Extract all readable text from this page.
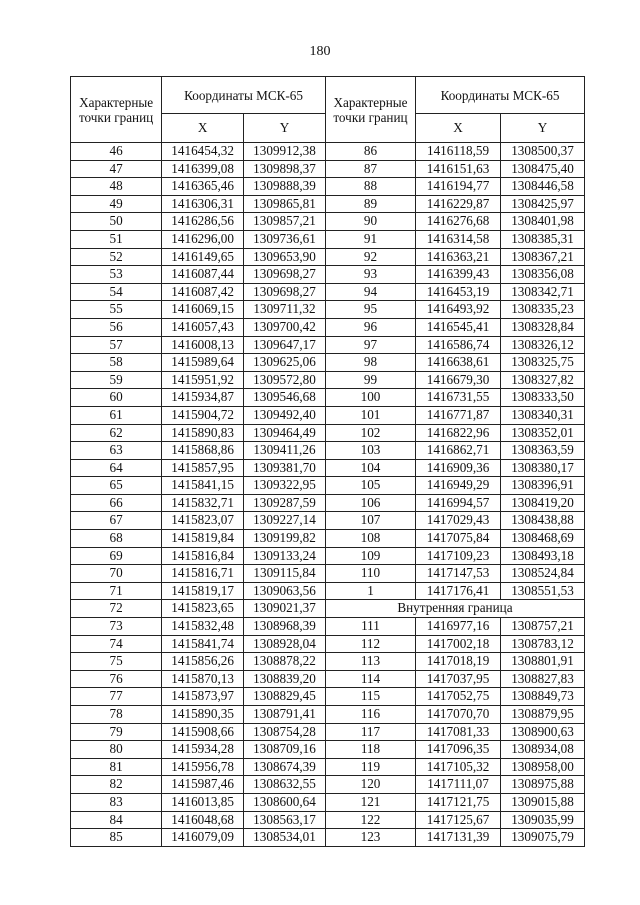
180
Характерные точки границ	Координаты МСК-65		Характерные точки границ	Координаты МСК-65	
	X	Y		X	Y
46	1416454,32	1309912,38	86	1416118,59	1308500,37
47	1416399,08	1309898,37	87	1416151,63	1308475,40
48	1416365,46	1309888,39	88	1416194,77	1308446,58
49	1416306,31	1309865,81	89	1416229,87	1308425,97
50	1416286,56	1309857,21	90	1416276,68	1308401,98
51	1416296,00	1309736,61	91	1416314,58	1308385,31
52	1416149,65	1309653,90	92	1416363,21	1308367,21
53	1416087,44	1309698,27	93	1416399,43	1308356,08
54	1416087,42	1309698,27	94	1416453,19	1308342,71
55	1416069,15	1309711,32	95	1416493,92	1308335,23
56	1416057,43	1309700,42	96	1416545,41	1308328,84
57	1416008,13	1309647,17	97	1416586,74	1308326,12
58	1415989,64	1309625,06	98	1416638,61	1308325,75
59	1415951,92	1309572,80	99	1416679,30	1308327,82
60	1415934,87	1309546,68	100	1416731,55	1308333,50
61	1415904,72	1309492,40	101	1416771,87	1308340,31
62	1415890,83	1309464,49	102	1416822,96	1308352,01
63	1415868,86	1309411,26	103	1416862,71	1308363,59
64	1415857,95	1309381,70	104	1416909,36	1308380,17
65	1415841,15	1309322,95	105	1416949,29	1308396,91
66	1415832,71	1309287,59	106	1416994,57	1308419,20
67	1415823,07	1309227,14	107	1417029,43	1308438,88
68	1415819,84	1309199,82	108	1417075,84	1308468,69
69	1415816,84	1309133,24	109	1417109,23	1308493,18
70	1415816,71	1309115,84	110	1417147,53	1308524,84
71	1415819,17	1309063,56	1	1417176,41	1308551,53
72	1415823,65	1309021,37	Внутренняя граница		
73	1415832,48	1308968,39	111	1416977,16	1308757,21
74	1415841,74	1308928,04	112	1417002,18	1308783,12
75	1415856,26	1308878,22	113	1417018,19	1308801,91
76	1415870,13	1308839,20	114	1417037,95	1308827,83
77	1415873,97	1308829,45	115	1417052,75	1308849,73
78	1415890,35	1308791,41	116	1417070,70	1308879,95
79	1415908,66	1308754,28	117	1417081,33	1308900,63
80	1415934,28	1308709,16	118	1417096,35	1308934,08
81	1415956,78	1308674,39	119	1417105,32	1308958,00
82	1415987,46	1308632,55	120	1417111,07	1308975,88
83	1416013,85	1308600,64	121	1417121,75	1309015,88
84	1416048,68	1308563,17	122	1417125,67	1309035,99
85	1416079,09	1308534,01	123	1417131,39	1309075,79
